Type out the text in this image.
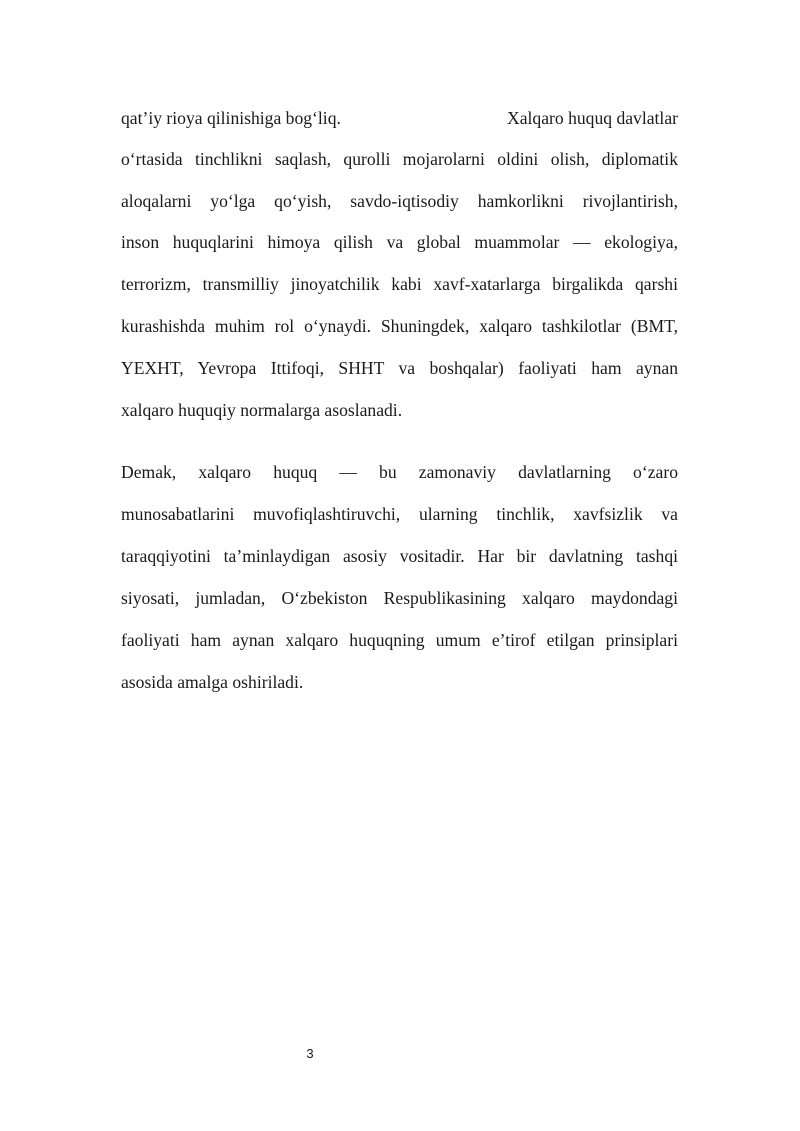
qat’iy rioya qilinishiga bog‘liq.	Xalqaro huquq davlatlar
o‘rtasida tinchlikni saqlash, qurolli mojarolarni oldini olish, diplomatik
aloqalarni yo‘lga qo‘yish, savdo-iqtisodiy hamkorlikni rivojlantirish,
inson huquqlarini himoya qilish va global muammolar — ekologiya,
terrorizm, transmilliy jinoyatchilik kabi xavf-xatarlarga birgalikda qarshi
kurashishda muhim rol o‘ynaydi. Shuningdek, xalqaro tashkilotlar (BMT,
YEXHT, Yevropa Ittifoqi, SHHT va boshqalar) faoliyati ham aynan
xalqaro huquqiy normalarga asoslanadi.
Demak, xalqaro huquq — bu zamonaviy davlatlarning o‘zaro
munosabatlarini muvofiqlashtiruvchi, ularning tinchlik, xavfsizlik va
taraqqiyotini ta’minlaydigan asosiy vositadir. Har bir davlatning tashqi
siyosati, jumladan, O‘zbekiston Respublikasining xalqaro maydondagi
faoliyati ham aynan xalqaro huquqning umum e’tirof etilgan prinsiplari
asosida amalga oshiriladi.
3
